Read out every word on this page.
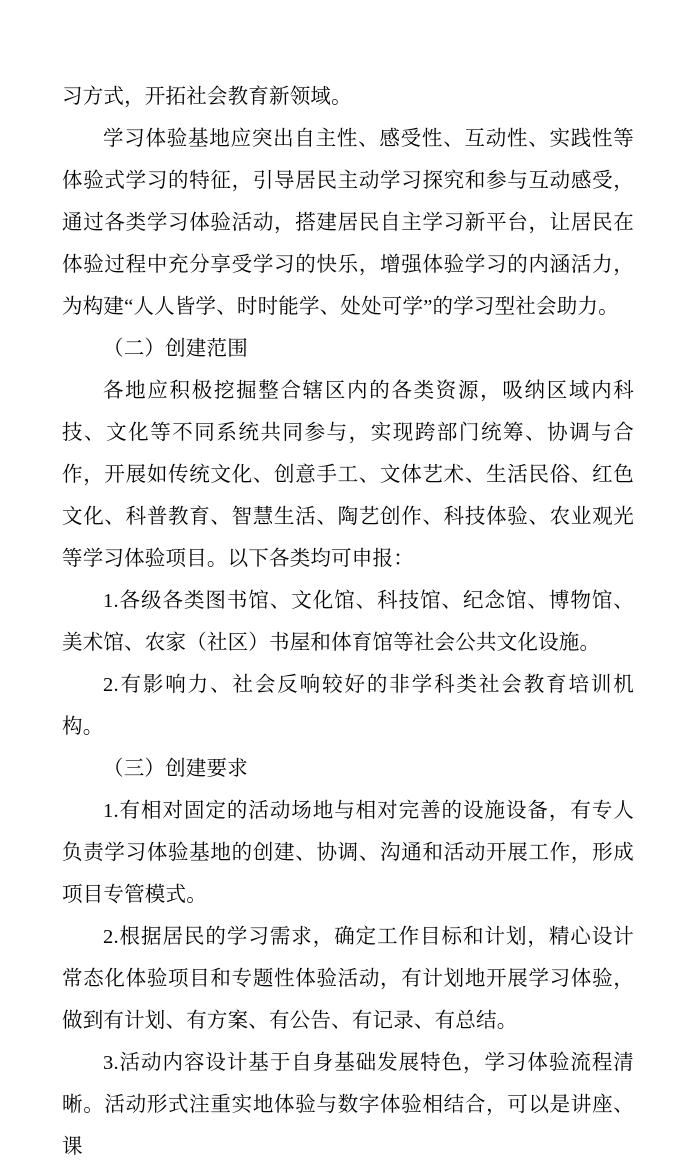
习方式，开拓社会教育新领域。

学习体验基地应突出自主性、感受性、互动性、实践性等体验式学习的特征，引导居民主动学习探究和参与互动感受，通过各类学习体验活动，搭建居民自主学习新平台，让居民在体验过程中充分享受学习的快乐，增强体验学习的内涵活力，为构建“人人皆学、时时能学、处处可学”的学习型社会助力。

（二）创建范围

各地应积极挖掘整合辖区内的各类资源，吸纳区域内科技、文化等不同系统共同参与，实现跨部门统筹、协调与合作，开展如传统文化、创意手工、文体艺术、生活民俗、红色文化、科普教育、智慧生活、陶艺创作、科技体验、农业观光等学习体验项目。以下各类均可申报：

1.各级各类图书馆、文化馆、科技馆、纪念馆、博物馆、美术馆、农家（社区）书屋和体育馆等社会公共文化设施。

2.有影响力、社会反响较好的非学科类社会教育培训机构。

（三）创建要求

1.有相对固定的活动场地与相对完善的设施设备，有专人负责学习体验基地的创建、协调、沟通和活动开展工作，形成项目专管模式。

2.根据居民的学习需求，确定工作目标和计划，精心设计常态化体验项目和专题性体验活动，有计划地开展学习体验，做到有计划、有方案、有公告、有记录、有总结。

3.活动内容设计基于自身基础发展特色，学习体验流程清晰。活动形式注重实地体验与数字体验相结合，可以是讲座、课
